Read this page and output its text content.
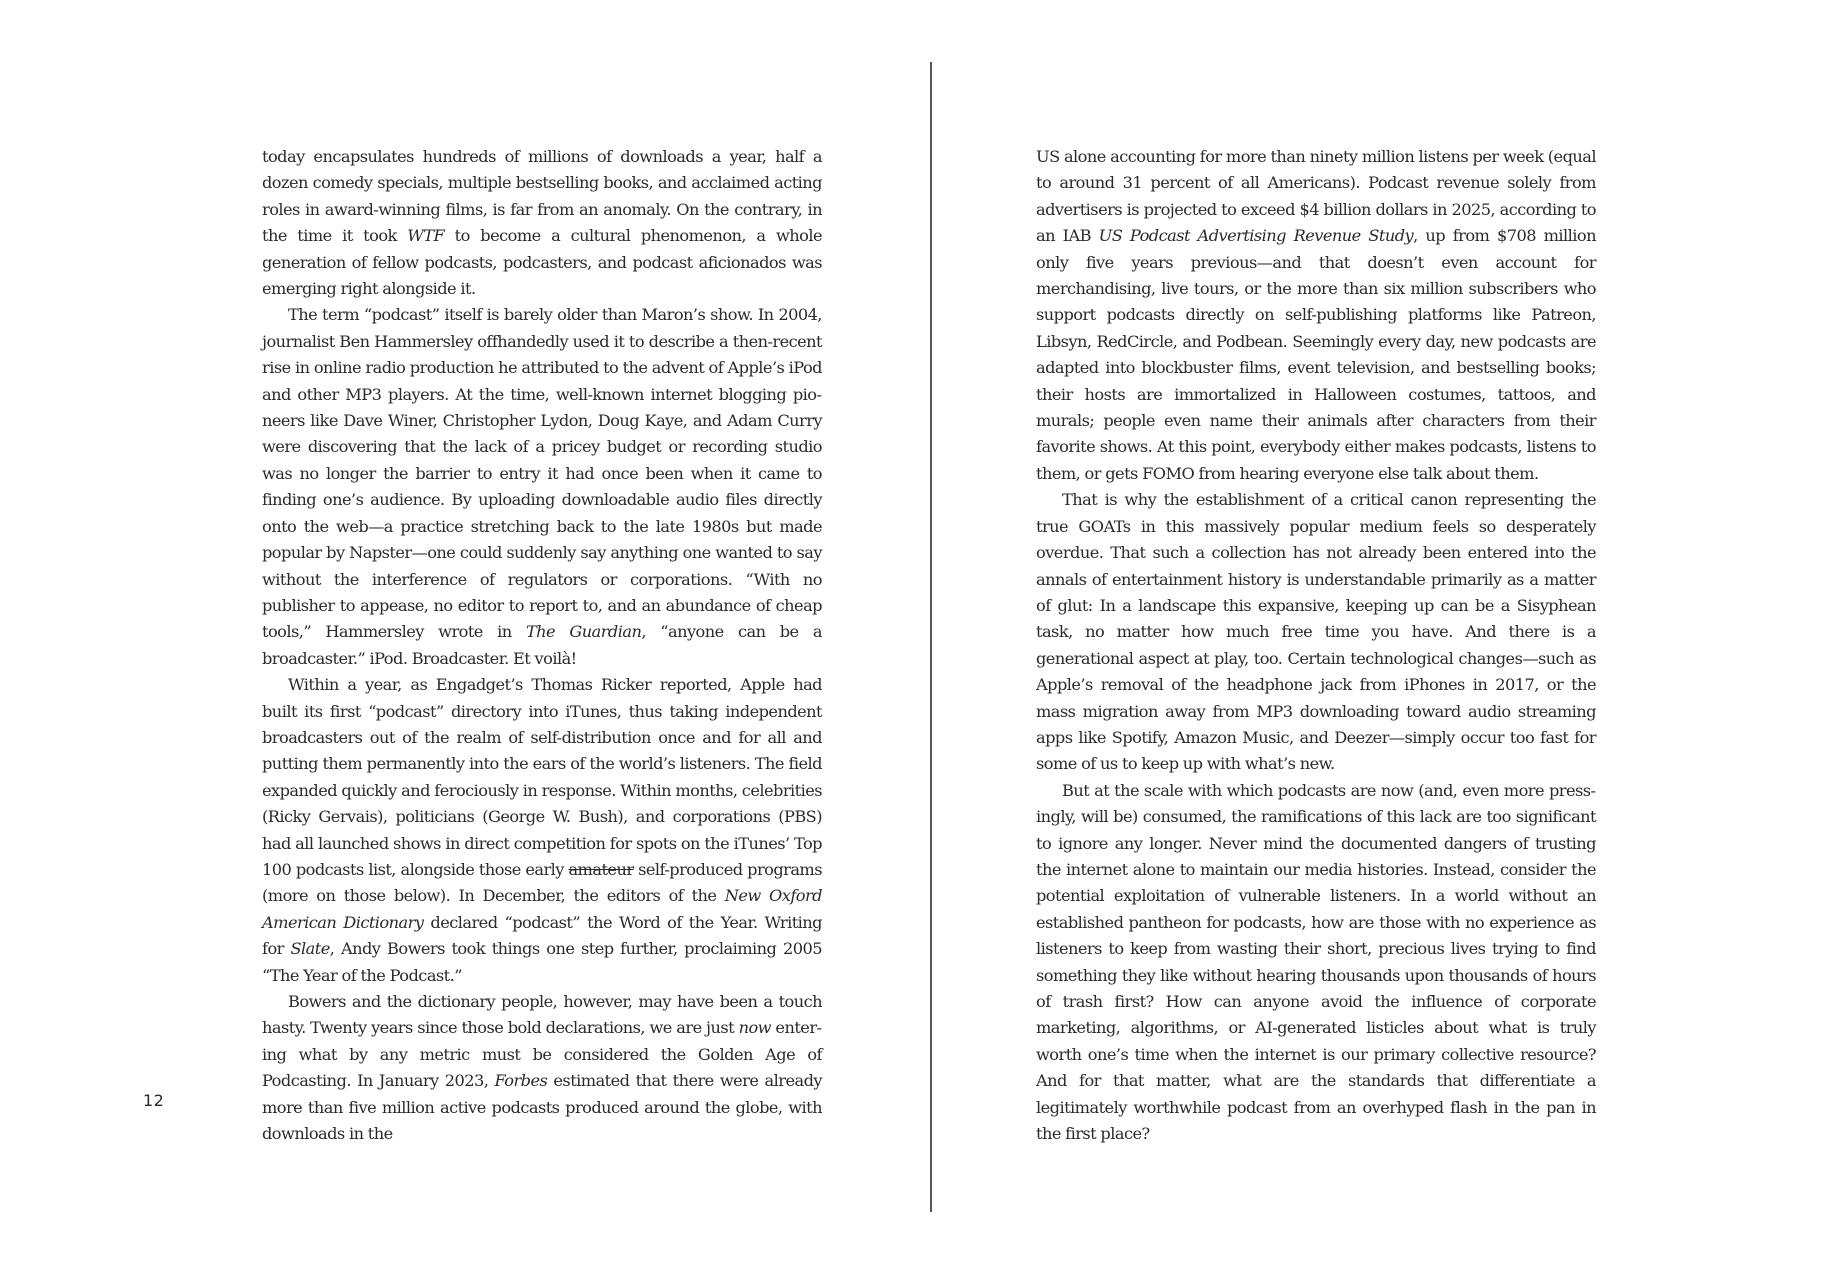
today encapsulates hundreds of millions of downloads a year, half a dozen comedy specials, multiple bestselling books, and acclaimed acting roles in award-winning films, is far from an anomaly. On the contrary, in the time it took WTF to become a cultural phenomenon, a whole generation of fellow podcasts, podcasters, and podcast aficionados was emerging right alongside it.

The term “podcast” itself is barely older than Maron’s show. In 2004, journalist Ben Hammersley offhandedly used it to describe a then-recent rise in online radio production he attributed to the advent of Apple’s iPod and other MP3 players. At the time, well-known internet blogging pioneers like Dave Winer, Christopher Lydon, Doug Kaye, and Adam Curry were discovering that the lack of a pricey budget or recording studio was no longer the barrier to entry it had once been when it came to finding one’s audience. By uploading downloadable audio files directly onto the web—a practice stretching back to the late 1980s but made popular by Napster—one could suddenly say anything one wanted to say without the interference of regulators or corporations. “With no publisher to appease, no editor to report to, and an abundance of cheap tools,” Hammersley wrote in The Guardian, “anyone can be a broadcaster.” iPod. Broadcaster. Et voilà!

Within a year, as Engadget’s Thomas Ricker reported, Apple had built its first “podcast” directory into iTunes, thus taking independent broadcasters out of the realm of self-distribution once and for all and putting them permanently into the ears of the world’s listeners. The field expanded quickly and ferociously in response. Within months, celebrities (Ricky Gervais), politicians (George W. Bush), and corporations (PBS) had all launched shows in direct competition for spots on the iTunes’ Top 100 podcasts list, alongside those early amateur self-produced programs (more on those below). In December, the editors of the New Oxford American Dictionary declared “podcast” the Word of the Year. Writing for Slate, Andy Bowers took things one step further, proclaiming 2005 “The Year of the Podcast.”

Bowers and the dictionary people, however, may have been a touch hasty. Twenty years since those bold declarations, we are just now entering what by any metric must be considered the Golden Age of Podcasting. In January 2023, Forbes estimated that there were already more than five million active podcasts produced around the globe, with downloads in the

12

US alone accounting for more than ninety million listens per week (equal to around 31 percent of all Americans). Podcast revenue solely from advertisers is projected to exceed $4 billion dollars in 2025, according to an IAB US Podcast Advertising Revenue Study, up from $708 million only five years previous—and that doesn’t even account for merchandising, live tours, or the more than six million subscribers who support podcasts directly on self-publishing platforms like Patreon, Libsyn, RedCircle, and Podbean. Seemingly every day, new podcasts are adapted into blockbuster films, event television, and bestselling books; their hosts are immortalized in Halloween costumes, tattoos, and murals; people even name their animals after characters from their favorite shows. At this point, everybody either makes podcasts, listens to them, or gets FOMO from hearing everyone else talk about them.

That is why the establishment of a critical canon representing the true GOATs in this massively popular medium feels so desperately overdue. That such a collection has not already been entered into the annals of entertainment history is understandable primarily as a matter of glut: In a landscape this expansive, keeping up can be a Sisyphean task, no matter how much free time you have. And there is a generational aspect at play, too. Certain technological changes—such as Apple’s removal of the headphone jack from iPhones in 2017, or the mass migration away from MP3 downloading toward audio streaming apps like Spotify, Amazon Music, and Deezer—simply occur too fast for some of us to keep up with what’s new.

But at the scale with which podcasts are now (and, even more pressingly, will be) consumed, the ramifications of this lack are too significant to ignore any longer. Never mind the documented dangers of trusting the internet alone to maintain our media histories. Instead, consider the potential exploitation of vulnerable listeners. In a world without an established pantheon for podcasts, how are those with no experience as listeners to keep from wasting their short, precious lives trying to find something they like without hearing thousands upon thousands of hours of trash first? How can anyone avoid the influence of corporate marketing, algorithms, or AI-generated listicles about what is truly worth one’s time when the internet is our primary collective resource? And for that matter, what are the standards that differentiate a legitimately worthwhile podcast from an overhyped flash in the pan in the first place?
